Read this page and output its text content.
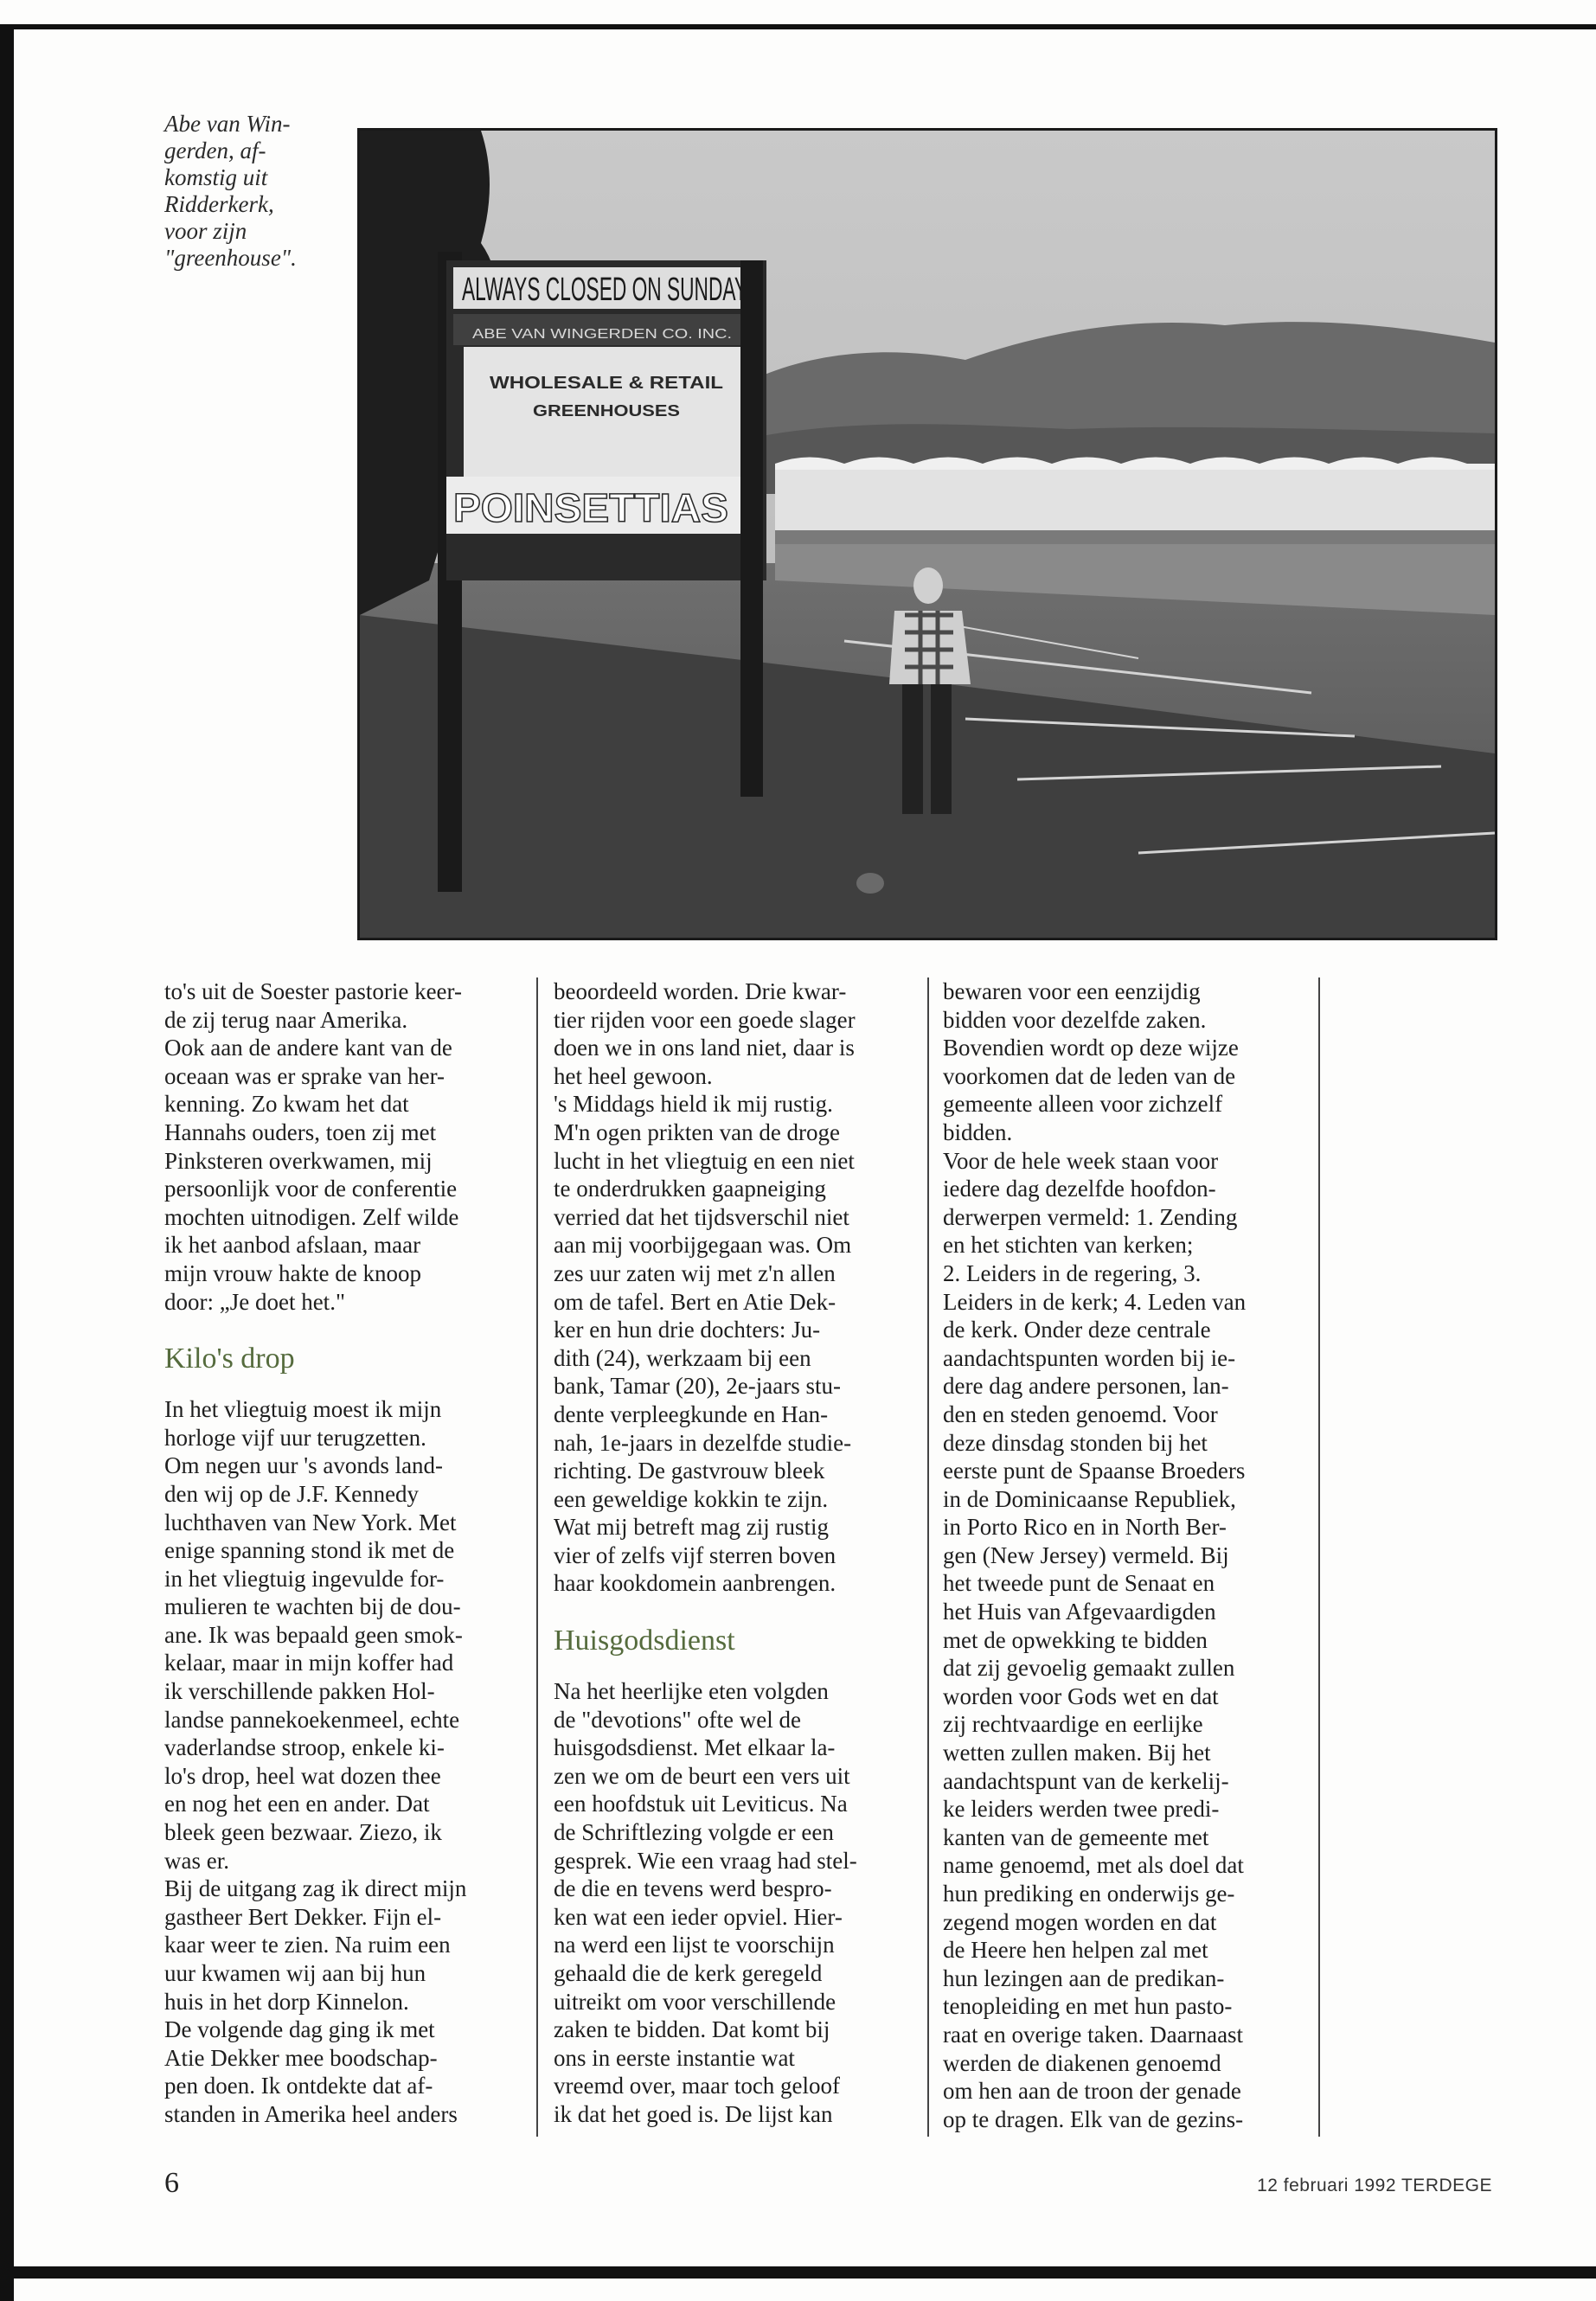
Abe van Win-
gerden, af-
komstig uit
Ridderkerk,
voor zijn
"greenhouse".
ALWAYS CLOSED ON SUNDAY
ABE VAN WINGERDEN CO. INC.
WHOLESALE & RETAIL
GREENHOUSES
POINSETTIAS
to's uit de Soester pastorie keer-
de zij terug naar Amerika.
Ook aan de andere kant van de
oceaan was er sprake van her-
kenning. Zo kwam het dat
Hannahs ouders, toen zij met
Pinksteren overkwamen, mij
persoonlijk voor de conferentie
mochten uitnodigen. Zelf wilde
ik het aanbod afslaan, maar
mijn vrouw hakte de knoop
door: „Je doet het."
Kilo's drop
In het vliegtuig moest ik mijn
horloge vijf uur terugzetten.
Om negen uur 's avonds land-
den wij op de J.F. Kennedy
luchthaven van New York. Met
enige spanning stond ik met de
in het vliegtuig ingevulde for-
mulieren te wachten bij de dou-
ane. Ik was bepaald geen smok-
kelaar, maar in mijn koffer had
ik verschillende pakken Hol-
landse pannekoekenmeel, echte
vaderlandse stroop, enkele ki-
lo's drop, heel wat dozen thee
en nog het een en ander. Dat
bleek geen bezwaar. Ziezo, ik
was er.
Bij de uitgang zag ik direct mijn
gastheer Bert Dekker. Fijn el-
kaar weer te zien. Na ruim een
uur kwamen wij aan bij hun
huis in het dorp Kinnelon.
De volgende dag ging ik met
Atie Dekker mee boodschap-
pen doen. Ik ontdekte dat af-
standen in Amerika heel anders
beoordeeld worden. Drie kwar-
tier rijden voor een goede slager
doen we in ons land niet, daar is
het heel gewoon.
's Middags hield ik mij rustig.
M'n ogen prikten van de droge
lucht in het vliegtuig en een niet
te onderdrukken gaapneiging
verried dat het tijdsverschil niet
aan mij voorbijgegaan was. Om
zes uur zaten wij met z'n allen
om de tafel. Bert en Atie Dek-
ker en hun drie dochters: Ju-
dith (24), werkzaam bij een
bank, Tamar (20), 2e-jaars stu-
dente verpleegkunde en Han-
nah, 1e-jaars in dezelfde studie-
richting. De gastvrouw bleek
een geweldige kokkin te zijn.
Wat mij betreft mag zij rustig
vier of zelfs vijf sterren boven
haar kookdomein aanbrengen.
Huisgodsdienst
Na het heerlijke eten volgden
de "devotions" ofte wel de
huisgodsdienst. Met elkaar la-
zen we om de beurt een vers uit
een hoofdstuk uit Leviticus. Na
de Schriftlezing volgde er een
gesprek. Wie een vraag had stel-
de die en tevens werd bespro-
ken wat een ieder opviel. Hier-
na werd een lijst te voorschijn
gehaald die de kerk geregeld
uitreikt om voor verschillende
zaken te bidden. Dat komt bij
ons in eerste instantie wat
vreemd over, maar toch geloof
ik dat het goed is. De lijst kan
bewaren voor een eenzijdig
bidden voor dezelfde zaken.
Bovendien wordt op deze wijze
voorkomen dat de leden van de
gemeente alleen voor zichzelf
bidden.
Voor de hele week staan voor
iedere dag dezelfde hoofdon-
derwerpen vermeld: 1. Zending
en het stichten van kerken;
2. Leiders in de regering, 3.
Leiders in de kerk; 4. Leden van
de kerk. Onder deze centrale
aandachtspunten worden bij ie-
dere dag andere personen, lan-
den en steden genoemd. Voor
deze dinsdag stonden bij het
eerste punt de Spaanse Broeders
in de Dominicaanse Republiek,
in Porto Rico en in North Ber-
gen (New Jersey) vermeld. Bij
het tweede punt de Senaat en
het Huis van Afgevaardigden
met de opwekking te bidden
dat zij gevoelig gemaakt zullen
worden voor Gods wet en dat
zij rechtvaardige en eerlijke
wetten zullen maken. Bij het
aandachtspunt van de kerkelij-
ke leiders werden twee predi-
kanten van de gemeente met
name genoemd, met als doel dat
hun prediking en onderwijs ge-
zegend mogen worden en dat
de Heere hen helpen zal met
hun lezingen aan de predikan-
tenopleiding en met hun pasto-
raat en overige taken. Daarnaast
werden de diakenen genoemd
om hen aan de troon der genade
op te dragen. Elk van de gezins-
6	12 februari 1992 TERDEGE
